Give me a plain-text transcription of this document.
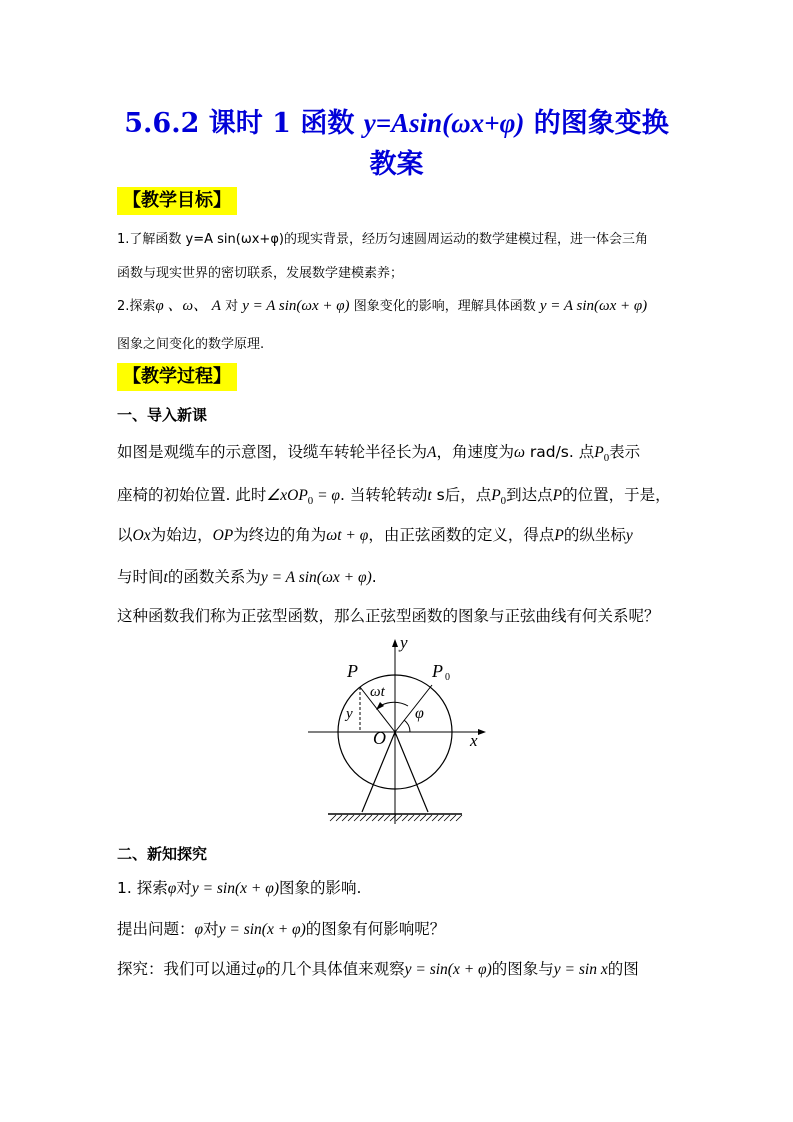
5.6.2 课时 1 函数 y=Asin(ωx+φ) 的图象变换
教案
【教学目标】
1.了解函数 y=A sin(ωx+φ)的现实背景，经历匀速圆周运动的数学建模过程，进一体会三角
函数与现实世界的密切联系，发展数学建模素养；
2.探索φ 、ω、 A 对 y = A sin(ωx + φ) 图象变化的影响，理解具体函数 y = A sin(ωx + φ)
图象之间变化的数学原理.
【教学过程】
一、导入新课
如图是观缆车的示意图，设缆车转轮半径长为A，角速度为ω rad/s. 点$P_0$表示
座椅的初始位置. 此时∠xOP$_0$ = φ. 当转轮转动t s后，点$P_0$到达点P的位置，于是，
以Ox为始边，OP为终边的角为ωt + φ，由正弦函数的定义，得点P的纵坐标y
与时间t的函数关系为y = A sin(ωx + φ).
这种函数我们称为正弦型函数，那么正弦型函数的图象与正弦曲线有何关系呢？
y
x
O
P	P 0
ωt
φ
y
二、新知探究
1. 探索φ对y = sin(x + φ)图象的影响.
提出问题：φ对y = sin(x + φ)的图象有何影响呢？
探究：我们可以通过φ的几个具体值来观察y = sin(x + φ)的图象与y = sin x的图
